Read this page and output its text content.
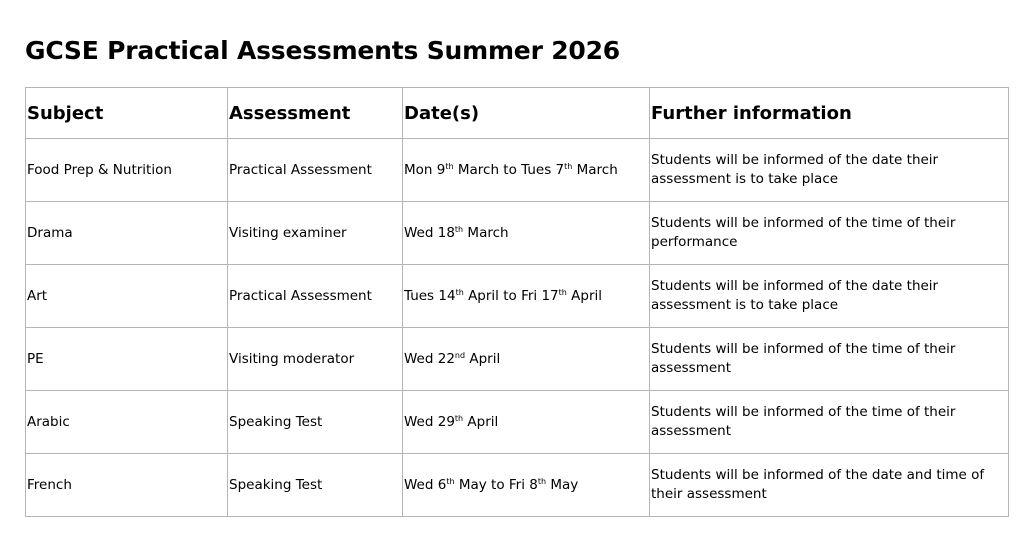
GCSE Practical Assessments Summer 2026
Subject	Assessment	Date(s)	Further information
Food Prep & Nutrition	Practical Assessment	Mon 9th March to Tues 7th March	Students will be informed of the date their assessment is to take place
Drama	Visiting examiner	Wed 18th March	Students will be informed of the time of their performance
Art	Practical Assessment	Tues 14th April to Fri 17th April	Students will be informed of the date their assessment is to take place
PE	Visiting moderator	Wed 22nd April	Students will be informed of the time of their assessment
Arabic	Speaking Test	Wed 29th April	Students will be informed of the time of their assessment
French	Speaking Test	Wed 6th May to Fri 8th May	Students will be informed of the date and time of their assessment
